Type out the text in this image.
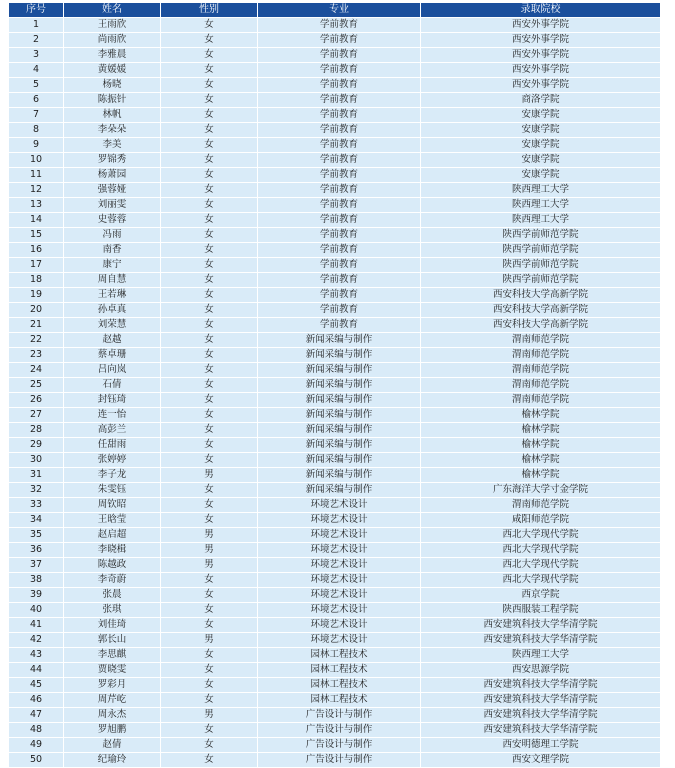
序号	姓名	性别	专业	录取院校
1	王雨欣	女	学前教育	西安外事学院
2	尚雨欣	女	学前教育	西安外事学院
3	李雅晨	女	学前教育	西安外事学院
4	黄媛媛	女	学前教育	西安外事学院
5	杨晓	女	学前教育	西安外事学院
6	陈振针	女	学前教育	商洛学院
7	林帆	女	学前教育	安康学院
8	李朵朵	女	学前教育	安康学院
9	李美	女	学前教育	安康学院
10	罗锦秀	女	学前教育	安康学院
11	杨萧园	女	学前教育	安康学院
12	强蓉娅	女	学前教育	陕西理工大学
13	刘丽雯	女	学前教育	陕西理工大学
14	史蓉蓉	女	学前教育	陕西理工大学
15	冯雨	女	学前教育	陕西学前师范学院
16	南香	女	学前教育	陕西学前师范学院
17	康宁	女	学前教育	陕西学前师范学院
18	周自慧	女	学前教育	陕西学前师范学院
19	王若琳	女	学前教育	西安科技大学高新学院
20	孙卓真	女	学前教育	西安科技大学高新学院
21	刘荣慧	女	学前教育	西安科技大学高新学院
22	赵越	女	新闻采编与制作	渭南师范学院
23	蔡卓珊	女	新闻采编与制作	渭南师范学院
24	吕向岚	女	新闻采编与制作	渭南师范学院
25	石倩	女	新闻采编与制作	渭南师范学院
26	封钰琦	女	新闻采编与制作	渭南师范学院
27	连一怡	女	新闻采编与制作	榆林学院
28	高彭兰	女	新闻采编与制作	榆林学院
29	任甜雨	女	新闻采编与制作	榆林学院
30	张婷婷	女	新闻采编与制作	榆林学院
31	李子龙	男	新闻采编与制作	榆林学院
32	朱雯钰	女	新闻采编与制作	广东海洋大学寸金学院
33	周钦昭	女	环境艺术设计	渭南师范学院
34	王晗莹	女	环境艺术设计	咸阳师范学院
35	赵启超	男	环境艺术设计	西北大学现代学院
36	李晓楫	男	环境艺术设计	西北大学现代学院
37	陈越政	男	环境艺术设计	西北大学现代学院
38	李奇蔚	女	环境艺术设计	西北大学现代学院
39	张晨	女	环境艺术设计	西京学院
40	张琪	女	环境艺术设计	陕西服装工程学院
41	刘佳琦	女	环境艺术设计	西安建筑科技大学华清学院
42	郭长山	男	环境艺术设计	西安建筑科技大学华清学院
43	李思麒	女	园林工程技术	陕西理工大学
44	贾晓雯	女	园林工程技术	西安思源学院
45	罗彩月	女	园林工程技术	西安建筑科技大学华清学院
46	周芹屹	女	园林工程技术	西安建筑科技大学华清学院
47	周永杰	男	广告设计与制作	西安建筑科技大学华清学院
48	罗旭鹏	女	广告设计与制作	西安建筑科技大学华清学院
49	赵倩	女	广告设计与制作	西安明德理工学院
50	纪瑜玲	女	广告设计与制作	西安文理学院
